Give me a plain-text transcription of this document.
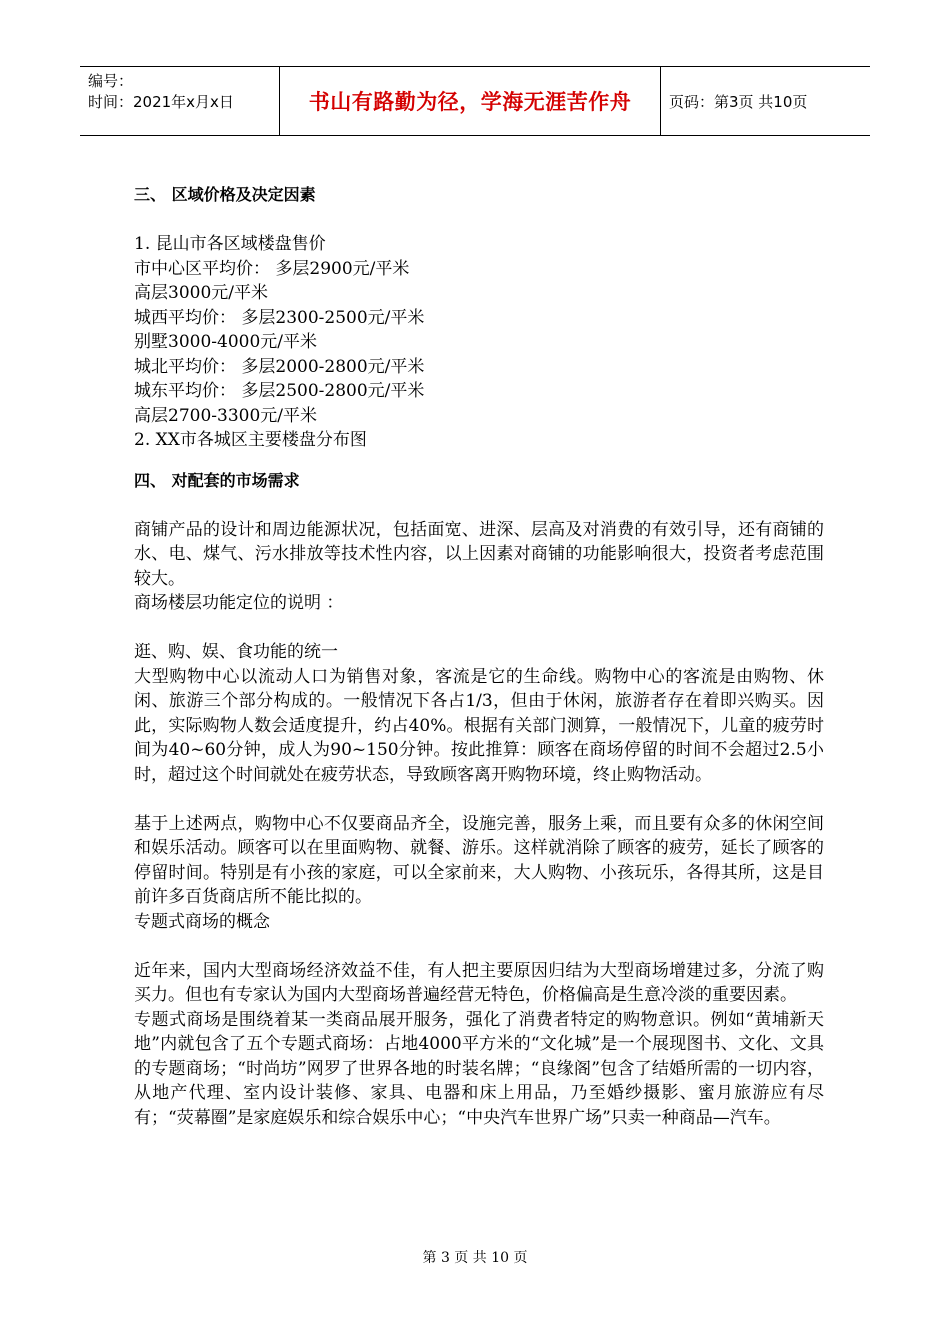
编号：
时间：2021年x月x日	书山有路勤为径，学海无涯苦作舟	页码：第3页 共10页

三、 区域价格及决定因素

1. 昆山市各区域楼盘售价

市中心区平均价： 多层2900元/平米

高层3000元/平米

城西平均价： 多层2300-2500元/平米

别墅3000-4000元/平米

城北平均价： 多层2000-2800元/平米

城东平均价： 多层2500-2800元/平米

高层2700-3300元/平米

2. XX市各城区主要楼盘分布图

四、 对配套的市场需求

商铺产品的设计和周边能源状况，包括面宽、进深、层高及对消费的有效引导，还有商铺的水、电、煤气、污水排放等技术性内容，以上因素对商铺的功能影响很大，投资者考虑范围较大。

商场楼层功能定位的说明 ：

逛、购、娱、食功能的统一

大型购物中心以流动人口为销售对象，客流是它的生命线。购物中心的客流是由购物、休闲、旅游三个部分构成的。一般情况下各占1/3，但由于休闲，旅游者存在着即兴购买。因此，实际购物人数会适度提升，约占40%。根据有关部门测算，一般情况下，儿童的疲劳时间为40~60分钟，成人为90~150分钟。按此推算：顾客在商场停留的时间不会超过2.5小时，超过这个时间就处在疲劳状态，导致顾客离开购物环境，终止购物活动。

基于上述两点，购物中心不仅要商品齐全，设施完善，服务上乘，而且要有众多的休闲空间和娱乐活动。顾客可以在里面购物、就餐、游乐。这样就消除了顾客的疲劳，延长了顾客的停留时间。特别是有小孩的家庭，可以全家前来，大人购物、小孩玩乐，各得其所，这是目前许多百货商店所不能比拟的。

专题式商场的概念

近年来，国内大型商场经济效益不佳，有人把主要原因归结为大型商场增建过多，分流了购买力。但也有专家认为国内大型商场普遍经营无特色，价格偏高是生意冷淡的重要因素。

专题式商场是围绕着某一类商品展开服务，强化了消费者特定的购物意识。例如“黄埔新天地”内就包含了五个专题式商场：占地4000平方米的“文化城”是一个展现图书、文化、文具的专题商场；“时尚坊”网罗了世界各地的时装名牌；“良缘阁”包含了结婚所需的一切内容，从地产代理、室内设计装修、家具、电器和床上用品，乃至婚纱摄影、蜜月旅游应有尽有；“荧幕圈”是家庭娱乐和综合娱乐中心；“中央汽车世界广场”只卖一种商品—汽车。

第 3 页 共 10 页
